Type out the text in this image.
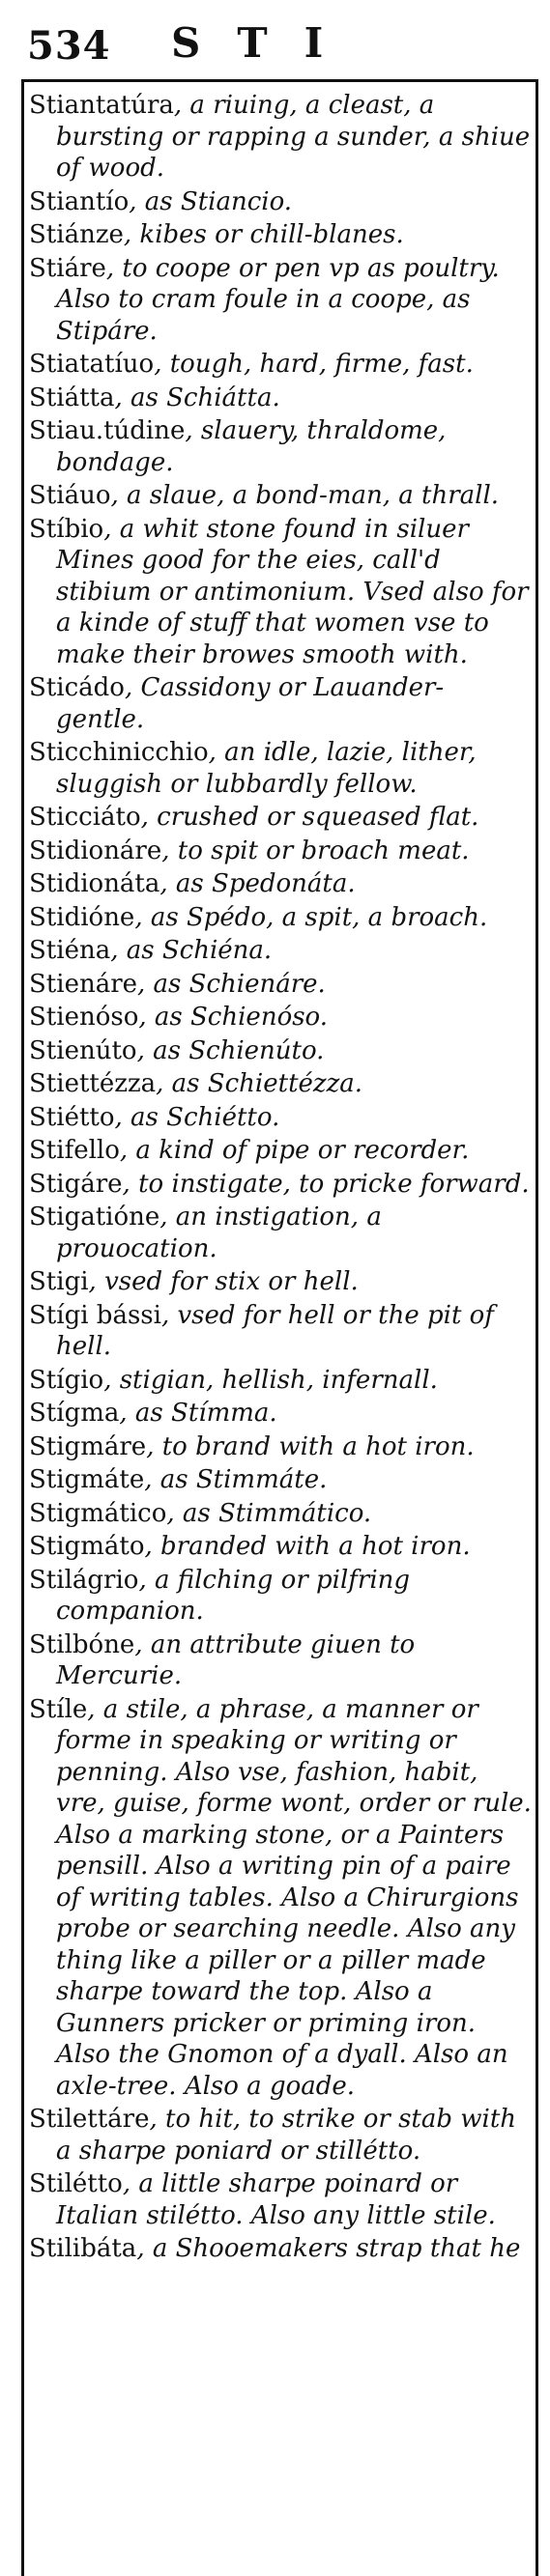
534 STI

Stiantatúra, a riuing, a cleast, a bursting or rapping a sunder, a shiue of wood.

Stiantío, as Stiancio.

Stiánze, kibes or chill-blanes.

Stiáre, to coope or pen vp as poultry. Also to cram foule in a coope, as Stipáre.

Stiatatíuo, tough, hard, firme, fast.

Stiátta, as Schiátta.

Stiau.túdine, slauery, thraldome, bondage.

Stiáuo, a slaue, a bond-man, a thrall.

Stíbio, a whit stone found in siluer Mines good for the eies, call'd stibium or antimonium. Vsed also for a kinde of stuff that women vse to make their browes smooth with.

Sticádo, Cassidony or Lauander-gentle.

Sticchinicchio, an idle, lazie, lither, sluggish or lubbardly fellow.

Sticciáto, crushed or squeased flat.

Stidionáre, to spit or broach meat.

Stidionáta, as Spedonáta.

Stidióne, as Spédo, a spit, a broach.

Stiéna, as Schiéna.

Stienáre, as Schienáre.

Stienóso, as Schienóso.

Stienúto, as Schienúto.

Stiettézza, as Schiettézza.

Stiétto, as Schiétto.

Stifello, a kind of pipe or recorder.

Stigáre, to instigate, to pricke forward.

Stigatióne, an instigation, a prouocation.

Stigi, vsed for stix or hell.

Stígi bássi, vsed for hell or the pit of hell.

Stígio, stigian, hellish, infernall.

Stígma, as Stímma.

Stigmáre, to brand with a hot iron.

Stigmáte, as Stimmáte.

Stigmático, as Stimmático.

Stigmáto, branded with a hot iron.

Stilágrio, a filching or pilfring companion.

Stilbóne, an attribute giuen to Mercurie.

Stíle, a stile, a phrase, a manner or forme in speaking or writing or penning. Also vse, fashion, habit, vre, guise, forme wont, order or rule. Also a marking stone, or a Painters pensill. Also a writing pin of a paire of writing tables. Also a Chirurgions probe or searching needle. Also any thing like a piller or a piller made sharpe toward the top. Also a Gunners pricker or priming iron. Also the Gnomon of a dyall. Also an axle-tree. Also a goade.

Stilettáre, to hit, to strike or stab with a sharpe poniard or stillétto.

Stilétto, a little sharpe poinard or Italian stilétto. Also any little stile.

Stilibáta, a Shooemakers strap that he
